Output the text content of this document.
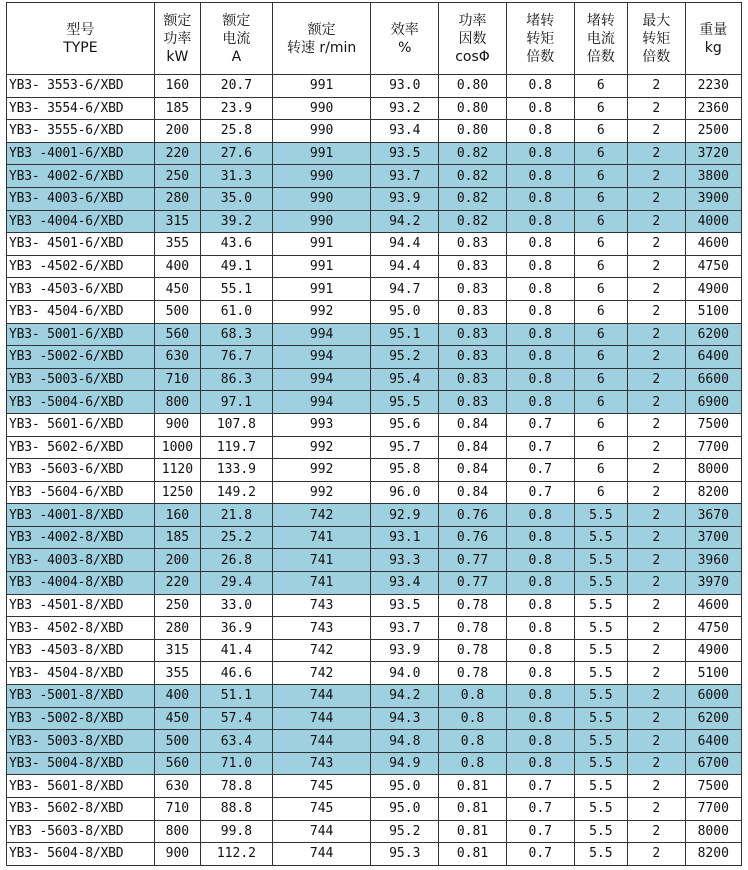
型号
TYPE	额定
功率
kW	额定
电流
A	额定
转速 r/min	效率
%	功率
因数
cosΦ	堵转
转矩
倍数	堵转
电流
倍数	最大
转矩
倍数	重量
kg

YB3- 3553-6/XBD	160	20.7	991	93.0	0.80	0.8	6	2	2230
YB3- 3554-6/XBD	185	23.9	990	93.2	0.80	0.8	6	2	2360
YB3- 3555-6/XBD	200	25.8	990	93.4	0.80	0.8	6	2	2500
YB3 -4001-6/XBD	220	27.6	991	93.5	0.82	0.8	6	2	3720
YB3- 4002-6/XBD	250	31.3	990	93.7	0.82	0.8	6	2	3800
YB3- 4003-6/XBD	280	35.0	990	93.9	0.82	0.8	6	2	3900
YB3 -4004-6/XBD	315	39.2	990	94.2	0.82	0.8	6	2	4000
YB3- 4501-6/XBD	355	43.6	991	94.4	0.83	0.8	6	2	4600
YB3 -4502-6/XBD	400	49.1	991	94.4	0.83	0.8	6	2	4750
YB3 -4503-6/XBD	450	55.1	991	94.7	0.83	0.8	6	2	4900
YB3- 4504-6/XBD	500	61.0	992	95.0	0.83	0.8	6	2	5100
YB3- 5001-6/XBD	560	68.3	994	95.1	0.83	0.8	6	2	6200
YB3 -5002-6/XBD	630	76.7	994	95.2	0.83	0.8	6	2	6400
YB3 -5003-6/XBD	710	86.3	994	95.4	0.83	0.8	6	2	6600
YB3 -5004-6/XBD	800	97.1	994	95.5	0.83	0.8	6	2	6900
YB3- 5601-6/XBD	900	107.8	993	95.6	0.84	0.7	6	2	7500
YB3- 5602-6/XBD	1000	119.7	992	95.7	0.84	0.7	6	2	7700
YB3 -5603-6/XBD	1120	133.9	992	95.8	0.84	0.7	6	2	8000
YB3 -5604-6/XBD	1250	149.2	992	96.0	0.84	0.7	6	2	8200
YB3 -4001-8/XBD	160	21.8	742	92.9	0.76	0.8	5.5	2	3670
YB3 -4002-8/XBD	185	25.2	741	93.1	0.76	0.8	5.5	2	3700
YB3- 4003-8/XBD	200	26.8	741	93.3	0.77	0.8	5.5	2	3960
YB3 -4004-8/XBD	220	29.4	741	93.4	0.77	0.8	5.5	2	3970
YB3 -4501-8/XBD	250	33.0	743	93.5	0.78	0.8	5.5	2	4600
YB3- 4502-8/XBD	280	36.9	743	93.7	0.78	0.8	5.5	2	4750
YB3 -4503-8/XBD	315	41.4	742	93.9	0.78	0.8	5.5	2	4900
YB3- 4504-8/XBD	355	46.6	742	94.0	0.78	0.8	5.5	2	5100
YB3 -5001-8/XBD	400	51.1	744	94.2	0.8	0.8	5.5	2	6000
YB3 -5002-8/XBD	450	57.4	744	94.3	0.8	0.8	5.5	2	6200
YB3- 5003-8/XBD	500	63.4	744	94.8	0.8	0.8	5.5	2	6400
YB3- 5004-8/XBD	560	71.0	743	94.9	0.8	0.8	5.5	2	6700
YB3- 5601-8/XBD	630	78.8	745	95.0	0.81	0.7	5.5	2	7500
YB3- 5602-8/XBD	710	88.8	745	95.0	0.81	0.7	5.5	2	7700
YB3 -5603-8/XBD	800	99.8	744	95.2	0.81	0.7	5.5	2	8000
YB3- 5604-8/XBD	900	112.2	744	95.3	0.81	0.7	5.5	2	8200
